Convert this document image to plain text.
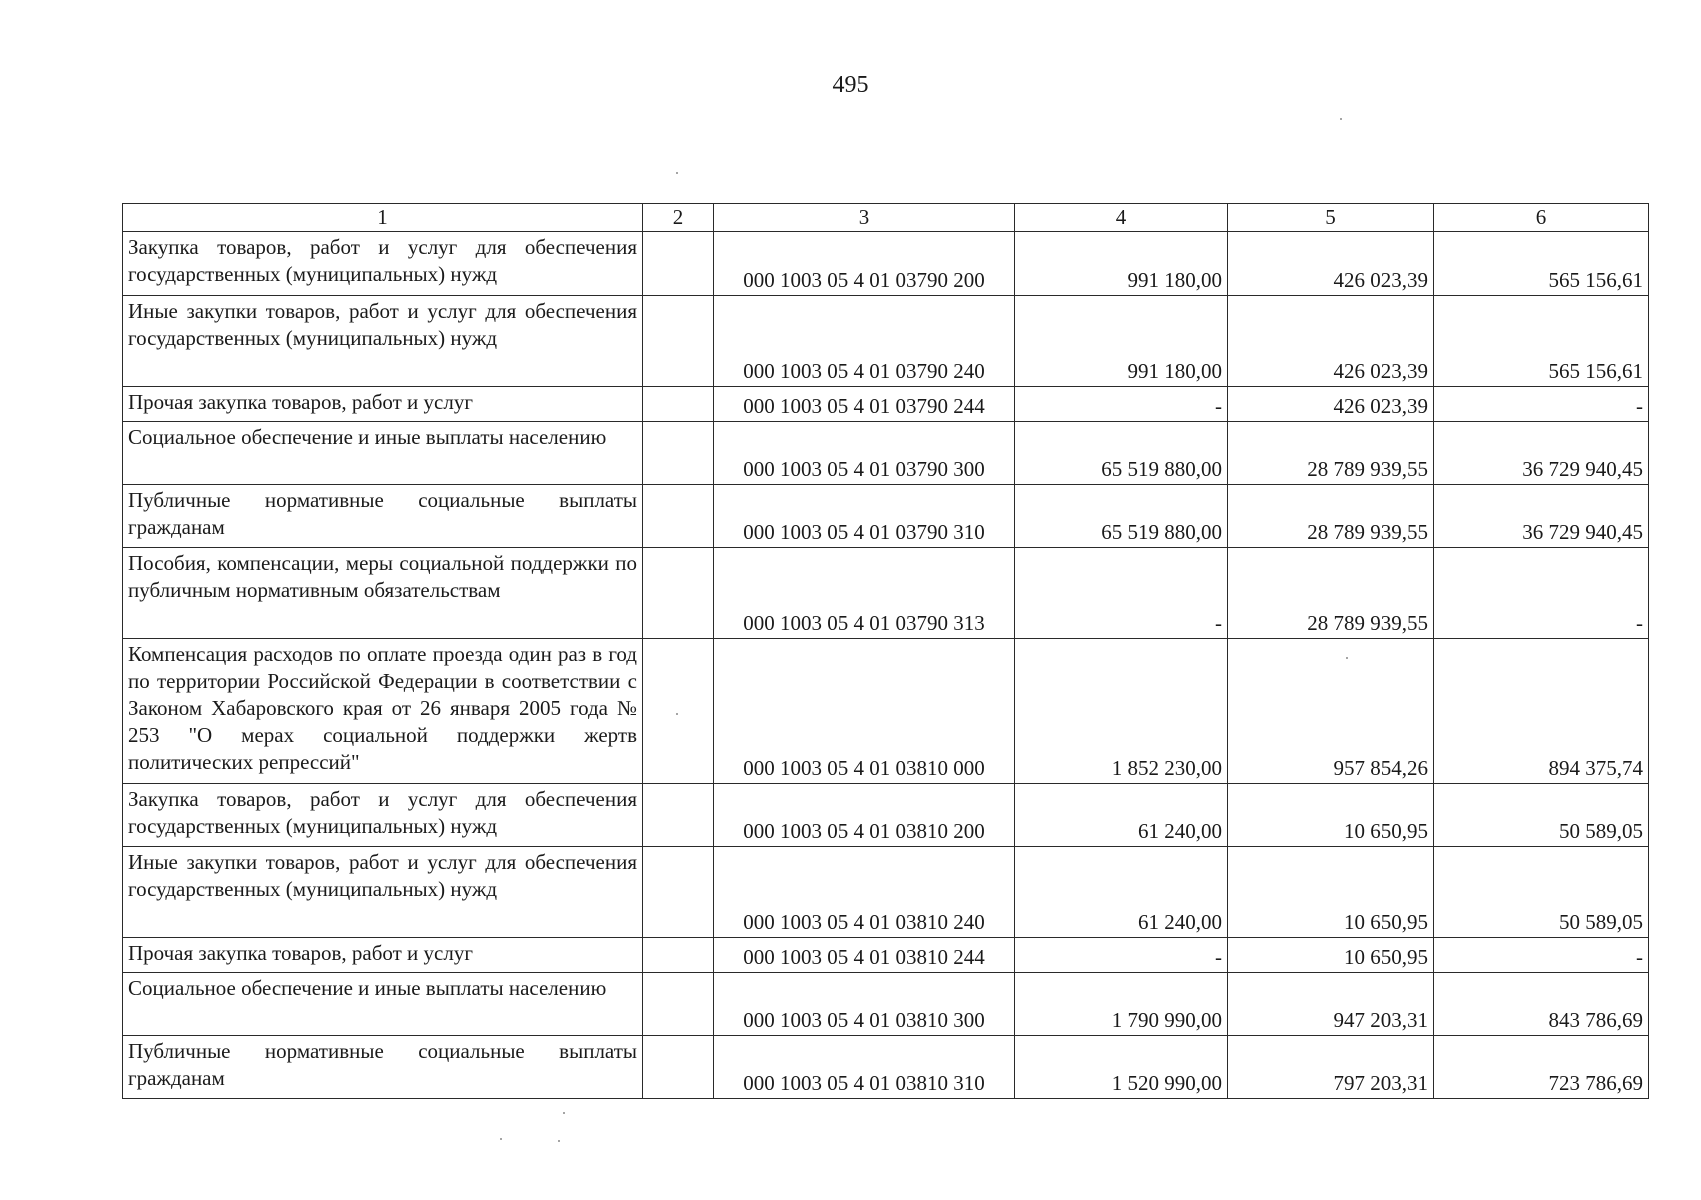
495
1	2	3	4	5	6
Закупка товаров, работ и услуг для обеспечения государственных (муниципальных) нужд		000 1003 05 4 01 03790 200	991 180,00	426 023,39	565 156,61
Иные закупки товаров, работ и услуг для обеспечения государственных (муниципальных) нужд		000 1003 05 4 01 03790 240	991 180,00	426 023,39	565 156,61
Прочая закупка товаров, работ и услуг		000 1003 05 4 01 03790 244	-	426 023,39	-
Социальное обеспечение и иные выплаты населению		000 1003 05 4 01 03790 300	65 519 880,00	28 789 939,55	36 729 940,45
Публичные нормативные социальные выплаты гражданам		000 1003 05 4 01 03790 310	65 519 880,00	28 789 939,55	36 729 940,45
Пособия, компенсации, меры социальной поддержки по публичным нормативным обязательствам		000 1003 05 4 01 03790 313	-	28 789 939,55	-
Компенсация расходов по оплате проезда один раз в год по территории Российской Федерации в соответствии с Законом Хабаровского края от 26 января 2005 года № 253 "О мерах социальной поддержки жертв политических репрессий"		000 1003 05 4 01 03810 000	1 852 230,00	957 854,26	894 375,74
Закупка товаров, работ и услуг для обеспечения государственных (муниципальных) нужд		000 1003 05 4 01 03810 200	61 240,00	10 650,95	50 589,05
Иные закупки товаров, работ и услуг для обеспечения государственных (муниципальных) нужд		000 1003 05 4 01 03810 240	61 240,00	10 650,95	50 589,05
Прочая закупка товаров, работ и услуг		000 1003 05 4 01 03810 244	-	10 650,95	-
Социальное обеспечение и иные выплаты населению		000 1003 05 4 01 03810 300	1 790 990,00	947 203,31	843 786,69
Публичные нормативные социальные выплаты гражданам		000 1003 05 4 01 03810 310	1 520 990,00	797 203,31	723 786,69
